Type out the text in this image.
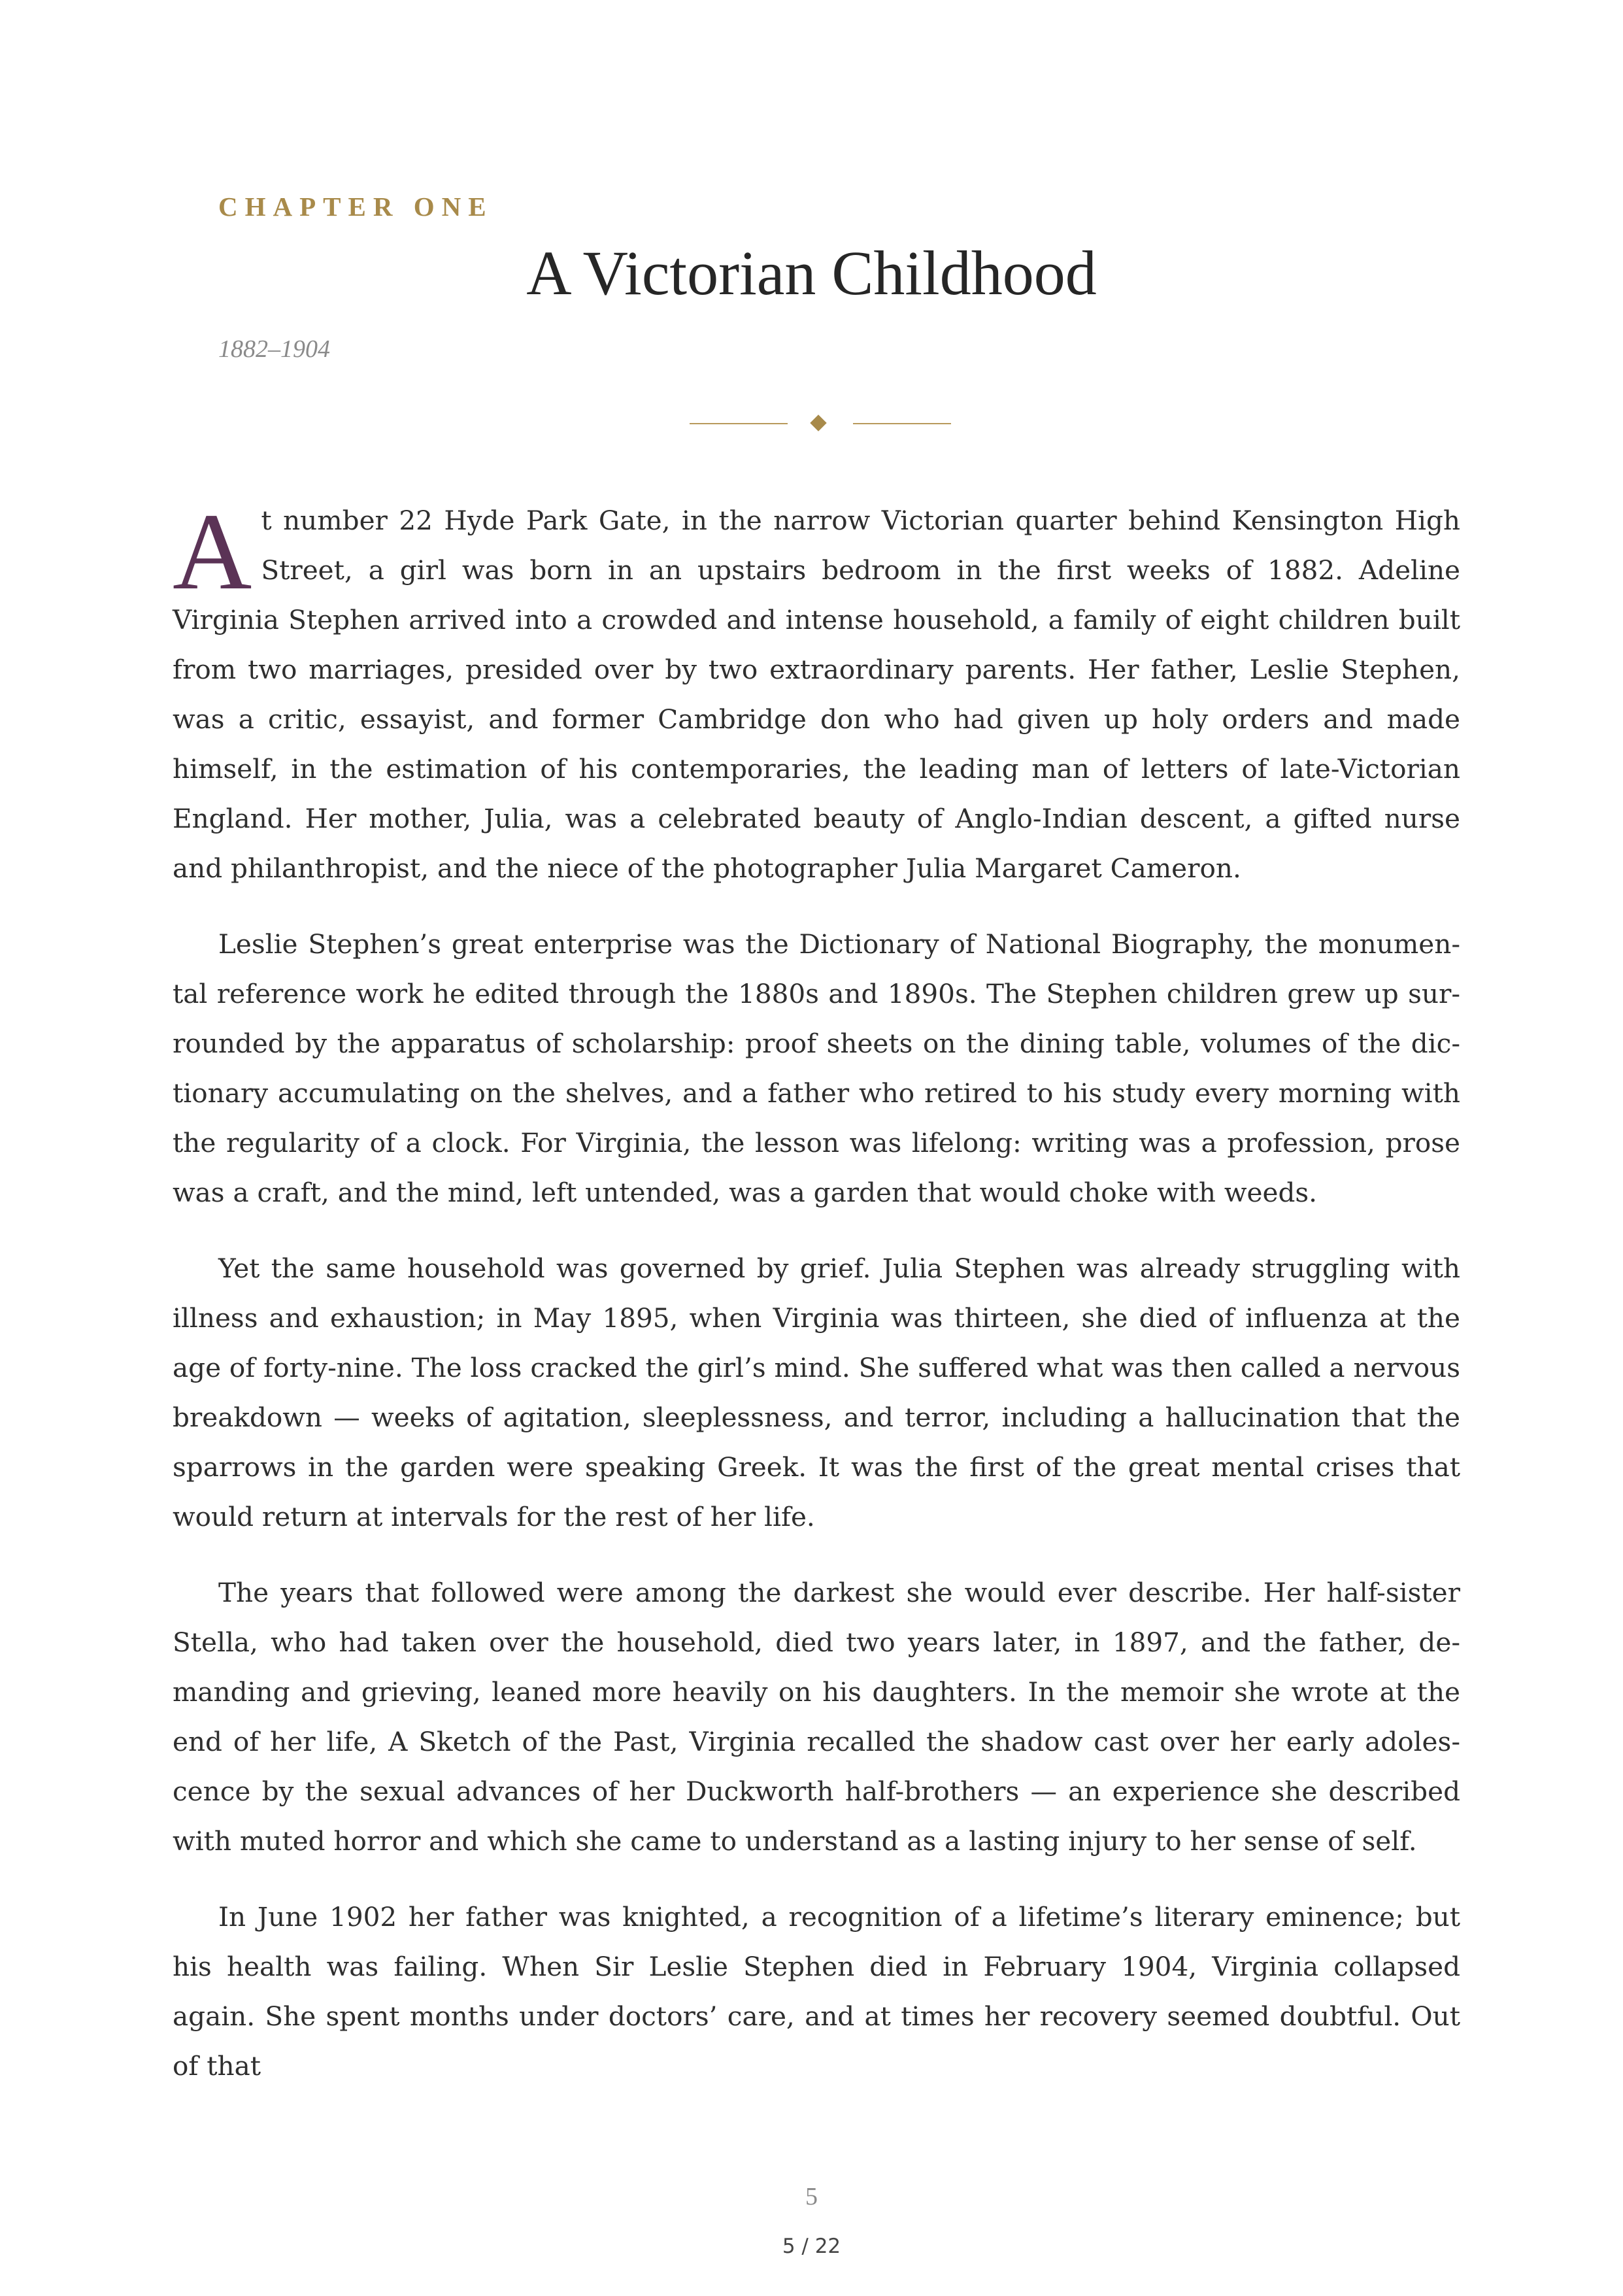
CHAPTER ONE
A Victorian Childhood
1882–1904

At number 22 Hyde Park Gate, in the narrow Victorian quarter behind Kensington High Street, a girl was born in an upstairs bedroom in the first weeks of 1882. Adeline Virginia Stephen arrived into a crowded and intense household, a family of eight children built from two marriages, presided over by two extraordinary parents. Her father, Leslie Stephen, was a critic, essayist, and former Cambridge don who had given up holy orders and made himself, in the estimation of his contemporaries, the leading man of letters of late-Victorian England. Her mother, Julia, was a celebrated beauty of Anglo-Indian descent, a gifted nurse and philanthropist, and the niece of the photographer Julia Margaret Cameron.

Leslie Stephen’s great enterprise was the Dictionary of National Biography, the monumental reference work he edited through the 1880s and 1890s. The Stephen children grew up surrounded by the apparatus of scholarship: proof sheets on the dining table, volumes of the dictionary accumulating on the shelves, and a father who retired to his study every morning with the regularity of a clock. For Virginia, the lesson was lifelong: writing was a profession, prose was a craft, and the mind, left untended, was a garden that would choke with weeds.

Yet the same household was governed by grief. Julia Stephen was already struggling with illness and exhaustion; in May 1895, when Virginia was thirteen, she died of influenza at the age of forty-nine. The loss cracked the girl’s mind. She suffered what was then called a nervous breakdown — weeks of agitation, sleeplessness, and terror, including a hallucination that the sparrows in the garden were speaking Greek. It was the first of the great mental crises that would return at intervals for the rest of her life.

The years that followed were among the darkest she would ever describe. Her half-sister Stella, who had taken over the household, died two years later, in 1897, and the father, demanding and grieving, leaned more heavily on his daughters. In the memoir she wrote at the end of her life, A Sketch of the Past, Virginia recalled the shadow cast over her early adolescence by the sexual advances of her Duckworth half-brothers — an experience she described with muted horror and which she came to understand as a lasting injury to her sense of self.

In June 1902 her father was knighted, a recognition of a lifetime’s literary eminence; but his health was failing. When Sir Leslie Stephen died in February 1904, Virginia collapsed again. She spent months under doctors’ care, and at times her recovery seemed doubtful. Out of that

5
5 / 22
